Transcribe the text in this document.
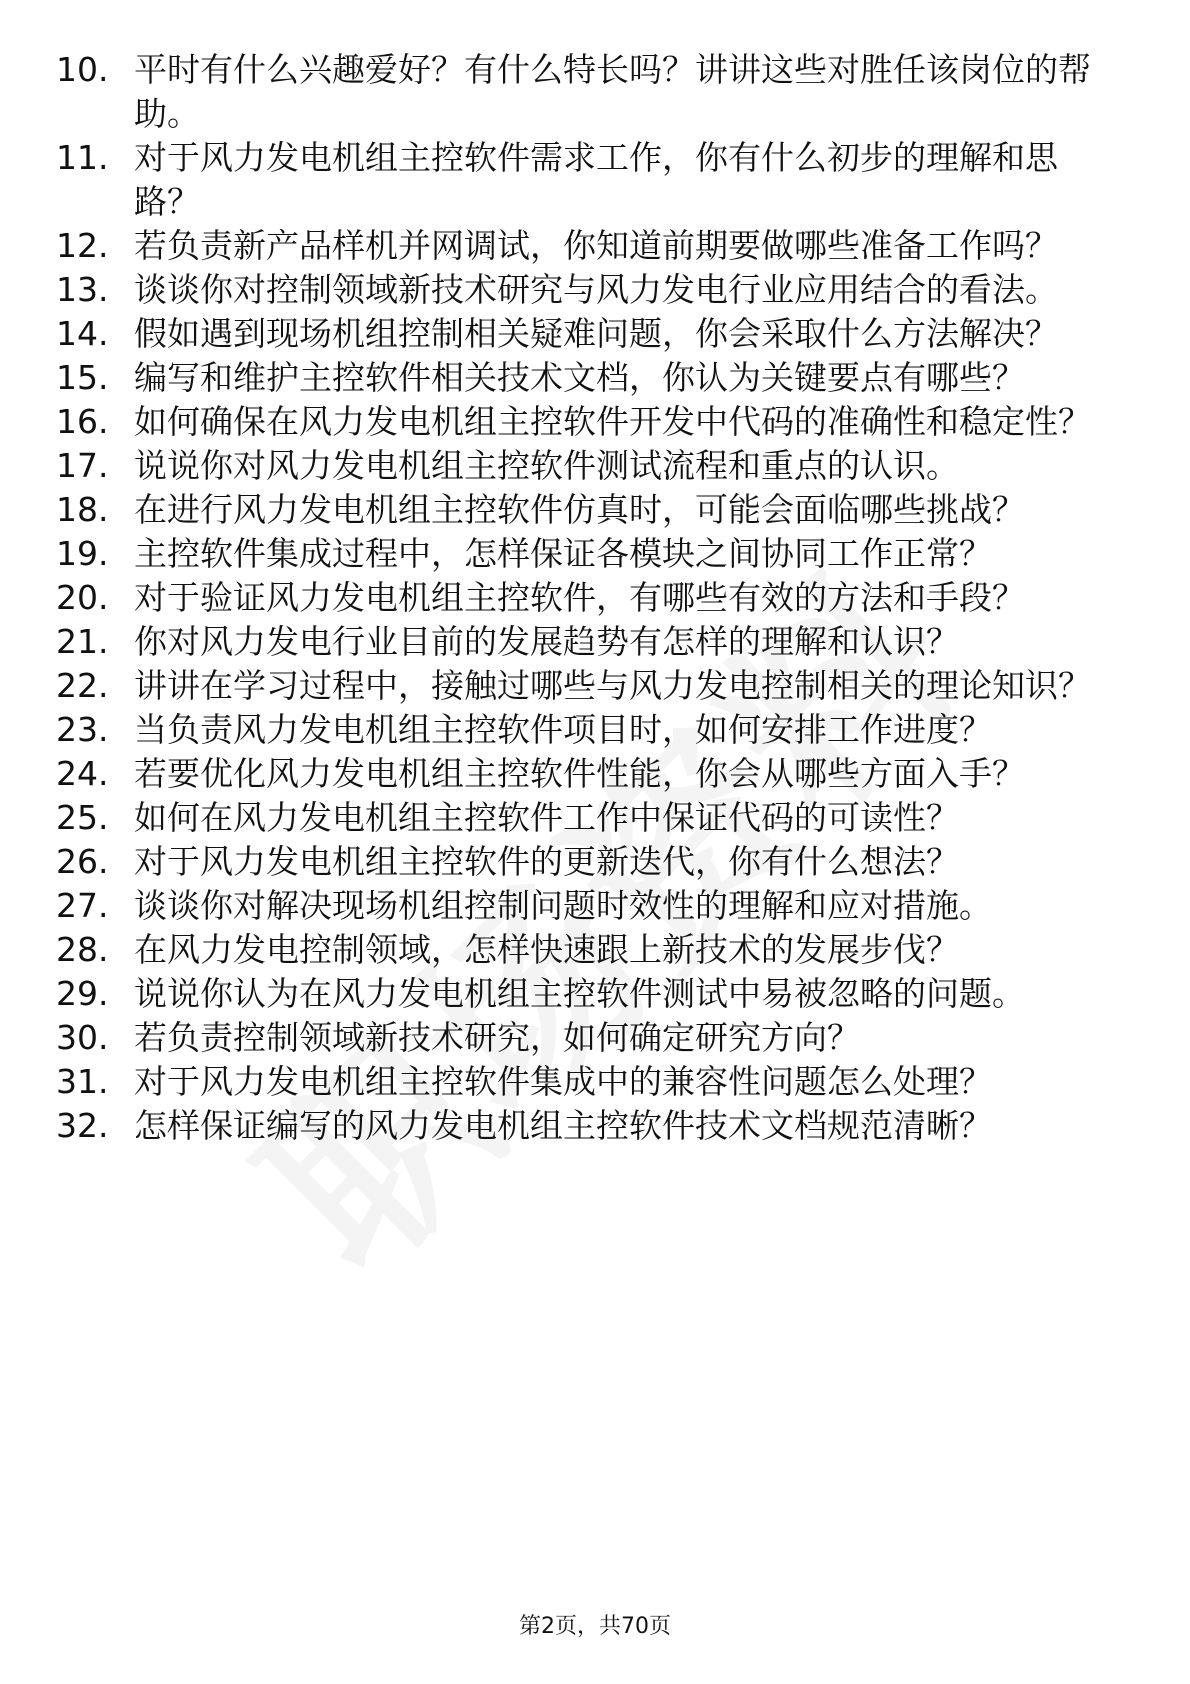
10. 平时有什么兴趣爱好？有什么特长吗？讲讲这些对胜任该岗位的帮助。
11. 对于风力发电机组主控软件需求工作，你有什么初步的理解和思路？
12. 若负责新产品样机并网调试，你知道前期要做哪些准备工作吗？
13. 谈谈你对控制领域新技术研究与风力发电行业应用结合的看法。
14. 假如遇到现场机组控制相关疑难问题，你会采取什么方法解决？
15. 编写和维护主控软件相关技术文档，你认为关键要点有哪些？
16. 如何确保在风力发电机组主控软件开发中代码的准确性和稳定性？
17. 说说你对风力发电机组主控软件测试流程和重点的认识。
18. 在进行风力发电机组主控软件仿真时，可能会面临哪些挑战？
19. 主控软件集成过程中，怎样保证各模块之间协同工作正常？
20. 对于验证风力发电机组主控软件，有哪些有效的方法和手段？
21. 你对风力发电行业目前的发展趋势有怎样的理解和认识？
22. 讲讲在学习过程中，接触过哪些与风力发电控制相关的理论知识？
23. 当负责风力发电机组主控软件项目时，如何安排工作进度？
24. 若要优化风力发电机组主控软件性能，你会从哪些方面入手？
25. 如何在风力发电机组主控软件工作中保证代码的可读性？
26. 对于风力发电机组主控软件的更新迭代，你有什么想法？
27. 谈谈你对解决现场机组控制问题时效性的理解和应对措施。
28. 在风力发电控制领域，怎样快速跟上新技术的发展步伐？
29. 说说你认为在风力发电机组主控软件测试中易被忽略的问题。
30. 若负责控制领域新技术研究，如何确定研究方向？
31. 对于风力发电机组主控软件集成中的兼容性问题怎么处理？
32. 怎样保证编写的风力发电机组主控软件技术文档规范清晰？
第2页，共70页
